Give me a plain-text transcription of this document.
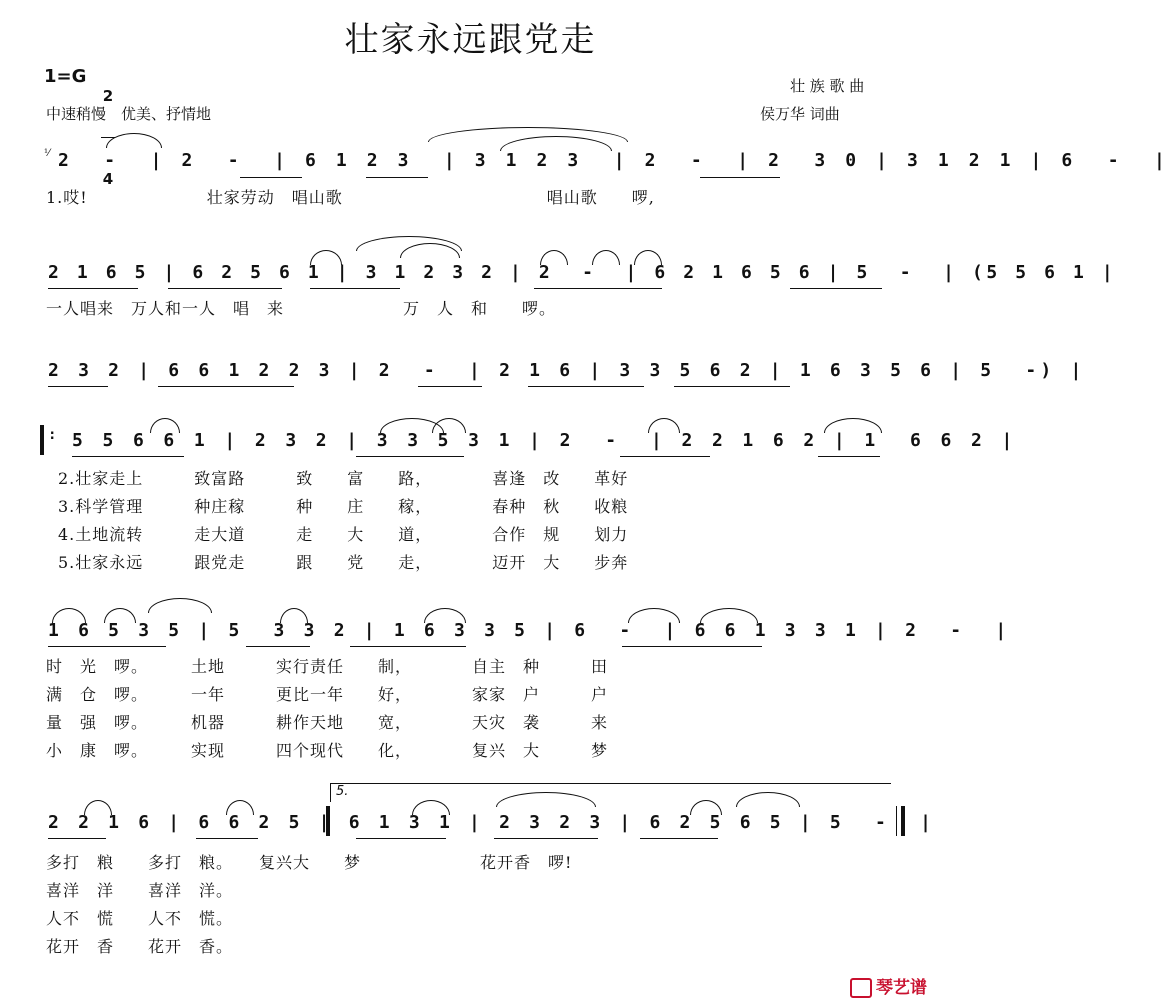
壮家永远跟党走
1=G

2

4

中速稍慢　优美、抒情地
壮 族 歌 曲
侯万华 词曲
⅟ 2  -  | 2  -  | 6 1 2 3  | 3 1 2 3  | 2  -  | 2  3 0 | 3 1 2 1 | 6  -  |
1.哎!　　　　　　　壮家劳动　唱山歌　　　　　　　　　　　　唱山歌　　啰,
2 1 6 5 | 6 2 5 6 1 | 3 1 2 3 2 | 2  -  | 6 2 1 6 5 6 | 5  -  | (5 5 6 1 |
一人唱来　万人和一人　唱　来　　　　　　　万　人　和　　啰。
2 3 2 | 6 6 1 2 2 3 | 2  -  | 2 1 6 | 3 3 5 6 2 | 1 6 3 5 6 | 5  -) |
: 5 5 6 6 1 | 2 3 2 | 3 3 5 3 1 | 2  -  | 2 2 1 6 2 | 1  6 6 2 |
2.壮家走上　　　致富路　　　致　　富　　路，　　　　喜逢　改　　革好
3.科学管理　　　种庄稼　　　种　　庄　　稼，　　　　春种　秋　　收粮
4.土地流转　　　走大道　　　走　　大　　道，　　　　合作　规　　划力
5.壮家永远　　　跟党走　　　跟　　党　　走，　　　　迈开　大　　步奔
1 6 5 3 5 | 5  3 3 2 | 1 6 3 3 5 | 6  -  | 6 6 1 3 3 1 | 2  -  |
时　光　啰。　　　土地　　　实行责任　　制，　　　　自主　种　　　田
满　仓　啰。　　　一年　　　更比一年　　好，　　　　家家　户　　　户
量　强　啰。　　　机器　　　耕作天地　　宽，　　　　天灾　袭　　　来
小　康　啰。　　　实现　　　四个现代　　化，　　　　复兴　大　　　梦
5.
2 2 1 6 | 6 6 2 5 | 6 1 3 1 | 2 3 2 3 | 6 2 5 6 5 | 5  -  |
多打　粮　　多打　粮。　　复兴大　　梦　　　　　　　花开香　啰!
喜洋　洋　　喜洋　洋。
人不　慌　　人不　慌。
花开　香　　花开　香。
琴艺谱
